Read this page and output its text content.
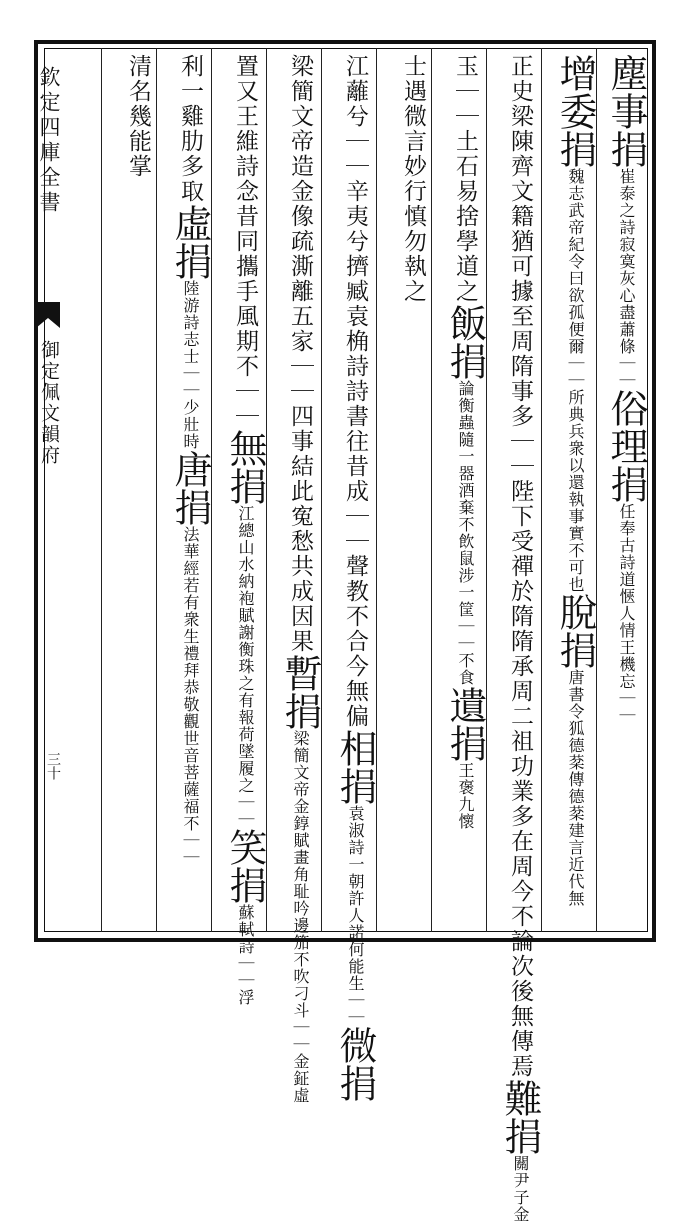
欽定四庫全書
御定佩文韻府
三十
塵事捐崔泰之詩寂寞灰心盡蕭條｜｜俗理捐任奉古詩道愜人情王機忘｜｜
增委捐魏志武帝紀令曰欲孤便爾｜｜所典兵衆以還執事實不可也脫捐唐書令狐德棻傳德棻建言近代無
正史梁陳齊文籍猶可據至周隋事多｜｜陛下受禪於隋隋承周二祖功業多在周今不論次後無傳焉難捐關尹子金
玉｜｜土石易捨學道之飯捐論衡蟲隨一器酒棄不飲鼠涉一筐｜｜不食遺捐王褒九懷
士遇微言妙行慎勿執之
江蘺兮｜｜辛夷兮擠臧袁桷詩詩書往昔成｜｜聲教不合今無偏相捐袁淑詩一朝許人諾何能生｜｜微捐
梁簡文帝造金像疏澌離五家｜｜四事結此寃愁共成因果暫捐梁簡文帝金錞賦畫角耻吟邊笳不吹刁斗｜｜金鉦虛
置又王維詩念昔同攜手風期不｜｜無捐江總山水納袍賦謝衡珠之有報荷墜履之｜｜笑捐蘇軾詩｜｜浮
利一雞肋多取虛捐陸游詩志士｜｜少壯時唐捐法華經若有衆生禮拜恭敬觀世音菩薩福不｜｜
清名幾能掌
